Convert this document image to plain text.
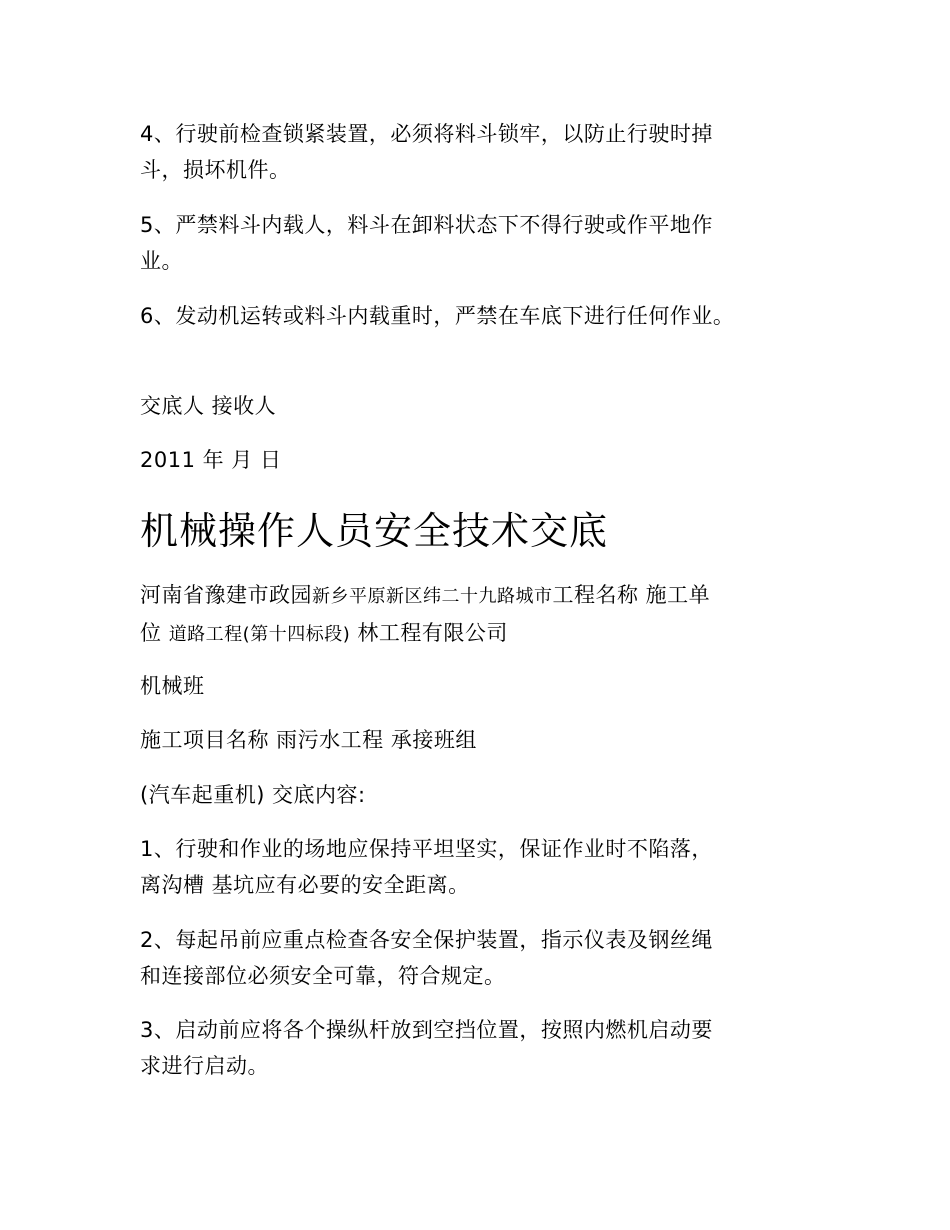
4、行驶前检查锁紧装置，必须将料斗锁牢，以防止行驶时掉
斗，损坏机件。

5、严禁料斗内载人，料斗在卸料状态下不得行驶或作平地作
业。

6、发动机运转或料斗内载重时，严禁在车底下进行任何作业。

交底人 接收人

2011 年 月 日

机械操作人员安全技术交底

河南省豫建市政园新乡平原新区纬二十九路城市工程名称 施工单
位 道路工程(第十四标段) 林工程有限公司

机械班

施工项目名称 雨污水工程 承接班组

(汽车起重机) 交底内容:

1、行驶和作业的场地应保持平坦坚实，保证作业时不陷落，
离沟槽 基坑应有必要的安全距离。

2、每起吊前应重点检查各安全保护装置，指示仪表及钢丝绳
和连接部位必须安全可靠，符合规定。

3、启动前应将各个操纵杆放到空挡位置，按照内燃机启动要
求进行启动。
